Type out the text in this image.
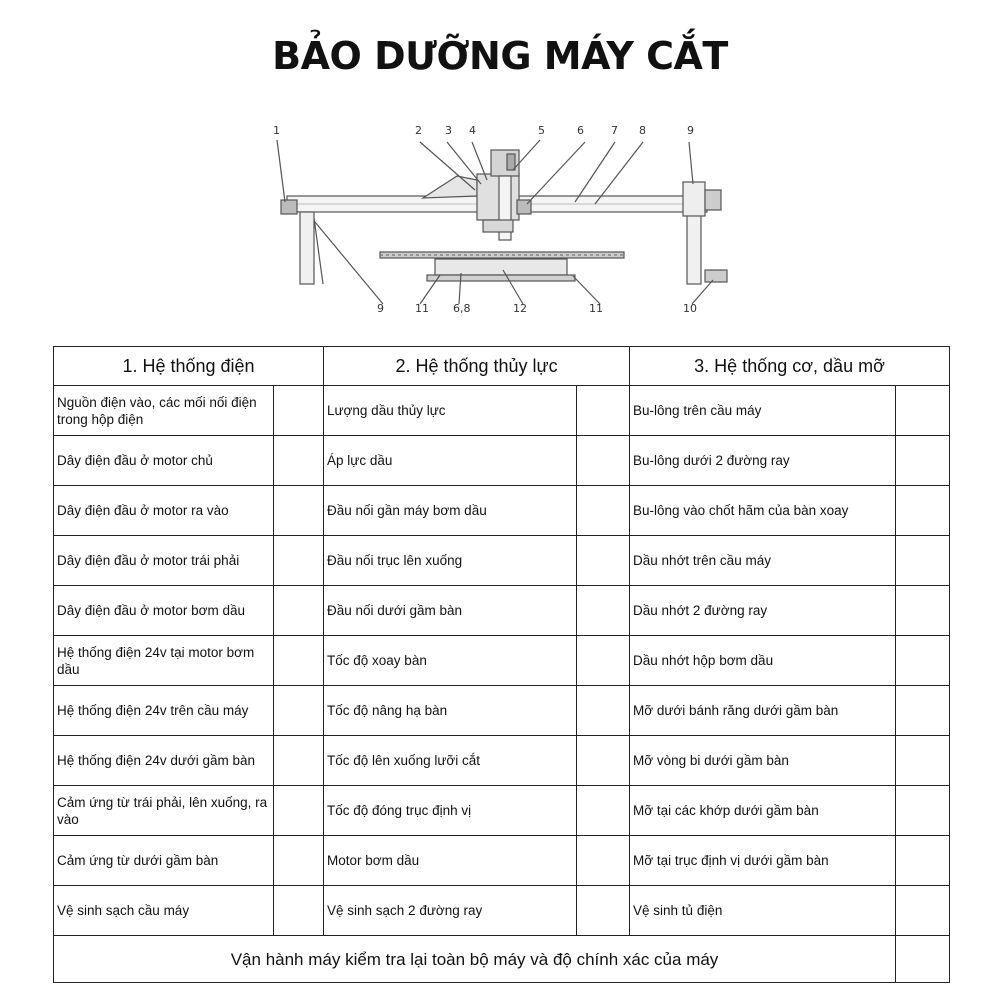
BẢO DƯỠNG MÁY CẮT
1	2 3 4	5	6 7 8	9
9	11 6,8	12	11	10
1. Hệ thống điện		2. Hệ thống thủy lực		3. Hệ thống cơ, dầu mỡ	
Nguồn điện vào, các mối nối điện trong hộp điện		Lượng dầu thủy lực		Bu-lông trên cầu máy	
Dây điện đầu ở motor chủ		Áp lực dầu		Bu-lông dưới 2 đường ray	
Dây điện đầu ở motor ra vào		Đầu nối gần máy bơm dầu		Bu-lông vào chốt hãm của bàn xoay	
Dây điện đầu ở motor trái phải		Đầu nối trục lên xuống		Dầu nhớt trên cầu máy	
Dây điện đầu ở motor bơm dầu		Đầu nối dưới gầm bàn		Dầu nhớt 2 đường ray	
Hệ thống điện 24v tại motor bơm dầu		Tốc độ xoay bàn		Dầu nhớt hộp bơm dầu	
Hệ thống điện 24v trên cầu máy		Tốc độ nâng hạ bàn		Mỡ dưới bánh răng dưới gầm bàn	
Hệ thống điện 24v dưới gầm bàn		Tốc độ lên xuống lưỡi cắt		Mỡ vòng bi dưới gầm bàn	
Cảm ứng từ trái phải, lên xuống, ra vào		Tốc độ đóng trục định vị		Mỡ tại các khớp dưới gầm bàn	
Cảm ứng từ dưới gầm bàn		Motor bơm dầu		Mỡ tại trục định vị dưới gầm bàn	
Vệ sinh sạch cầu máy		Vệ sinh sạch 2 đường ray		Vệ sinh tủ điện	
Vận hành máy kiểm tra lại toàn bộ máy và độ chính xác của máy					
